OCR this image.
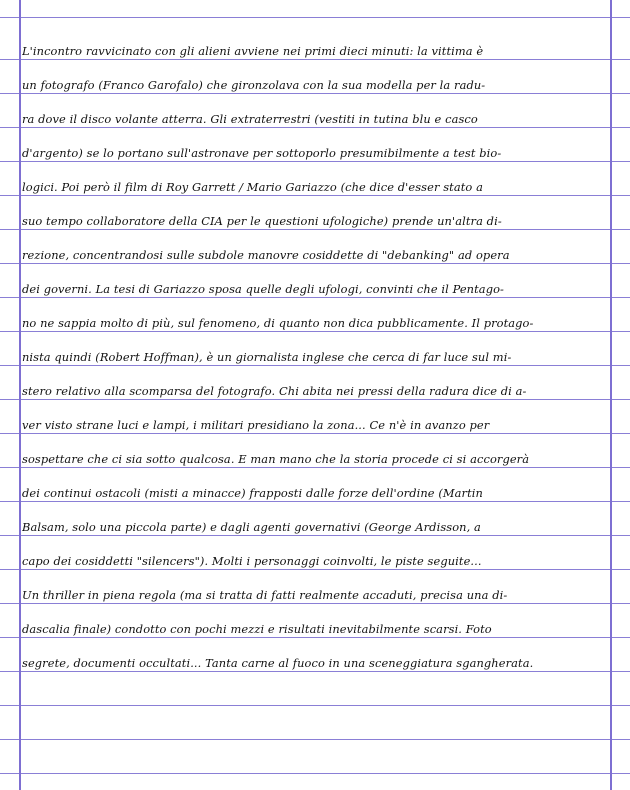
L'incontro ravvicinato con gli alieni avviene nei primi dieci minuti: la vittima è
un fotografo (Franco Garofalo) che gironzolava con la sua modella per la radu-
ra dove il disco volante atterra. Gli extraterrestri (vestiti in tutina blu e casco
d'argento) se lo portano sull'astronave per sottoporlo presumibilmente a test bio-
logici. Poi però il film di Roy Garrett / Mario Gariazzo (che dice d'esser stato a
suo tempo collaboratore della CIA per le questioni ufologiche) prende un'altra di-
rezione, concentrandosi sulle subdole manovre cosiddette di "debanking" ad opera
dei governi. La tesi di Gariazzo sposa quelle degli ufologi, convinti che il Pentago-
no ne sappia molto di più, sul fenomeno, di quanto non dica pubblicamente. Il protago-
nista quindi (Robert Hoffman), è un giornalista inglese che cerca di far luce sul mi-
stero relativo alla scomparsa del fotografo. Chi abita nei pressi della radura dice di a-
ver visto strane luci e lampi, i militari presidiano la zona... Ce n'è in avanzo per
sospettare che ci sia sotto qualcosa. E man mano che la storia procede ci si accorgerà
dei continui ostacoli (misti a minacce) frapposti dalle forze dell'ordine (Martin
Balsam, solo una piccola parte) e dagli agenti governativi (George Ardisson, a
capo dei cosiddetti "silencers"). Molti i personaggi coinvolti, le piste seguite...
Un thriller in piena regola (ma si tratta di fatti realmente accaduti, precisa una di-
dascalia finale) condotto con pochi mezzi e risultati inevitabilmente scarsi. Foto
segrete, documenti occultati... Tanta carne al fuoco in una sceneggiatura sgangherata.
